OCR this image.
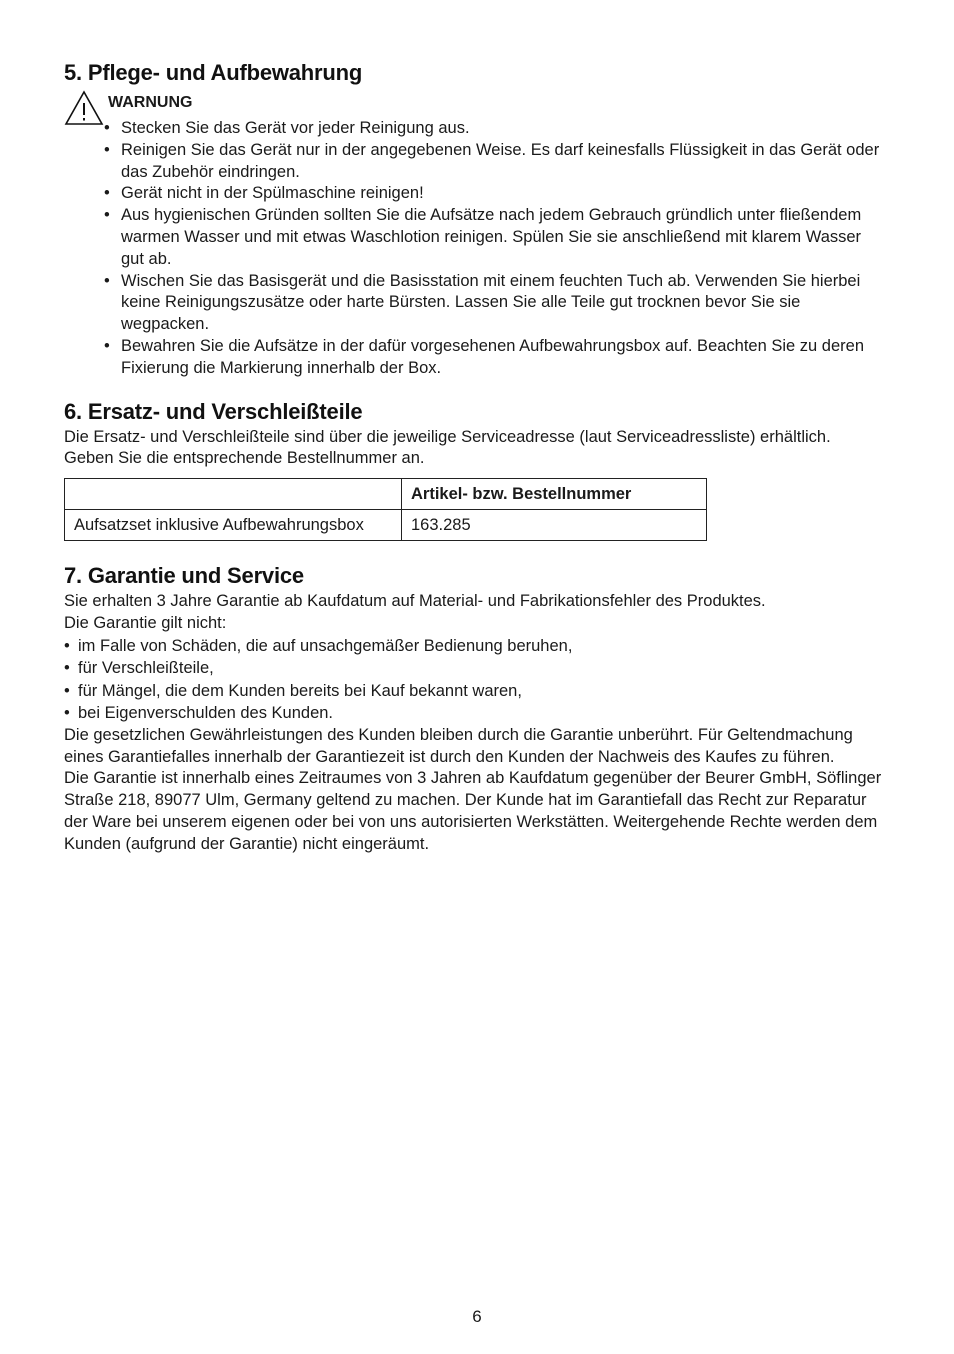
5. Pflege- und Aufbewahrung
WARNUNG
• Stecken Sie das Gerät vor jeder Reinigung aus.
• Reinigen Sie das Gerät nur in der angegebenen Weise. Es darf keinesfalls Flüssigkeit in das Gerät oder das Zubehör eindringen.
• Gerät nicht in der Spülmaschine reinigen!
• Aus hygienischen Gründen sollten Sie die Aufsätze nach jedem Gebrauch gründlich unter fließendem warmen Wasser und mit etwas Waschlotion reinigen. Spülen Sie sie anschließend mit klarem Wasser gut ab.
• Wischen Sie das Basisgerät und die Basisstation mit einem feuchten Tuch ab. Verwenden Sie hierbei keine Reinigungszusätze oder harte Bürsten. Lassen Sie alle Teile gut trocknen bevor Sie sie wegpacken.
• Bewahren Sie die Aufsätze in der dafür vorgesehenen Aufbewahrungsbox auf. Beachten Sie zu deren Fixierung die Markierung innerhalb der Box.
6. Ersatz- und Verschleißteile

Die Ersatz- und Verschleißteile sind über die jeweilige Serviceadresse (laut Serviceadressliste) erhältlich. Geben Sie die entsprechende Bestellnummer an.

	Artikel- bzw. Bestellnummer
Aufsatzset inklusive Aufbewahrungsbox	163.285
7. Garantie und Service

Sie erhalten 3 Jahre Garantie ab Kaufdatum auf Material- und Fabrikationsfehler des Produktes.

Die Garantie gilt nicht:

• im Falle von Schäden, die auf unsachgemäßer Bedienung beruhen,
• für Verschleißteile,
• für Mängel, die dem Kunden bereits bei Kauf bekannt waren,
• bei Eigenverschulden des Kunden.

Die gesetzlichen Gewährleistungen des Kunden bleiben durch die Garantie unberührt. Für Geltendmachung eines Garantiefalles innerhalb der Garantiezeit ist durch den Kunden der Nachweis des Kaufes zu führen.

Die Garantie ist innerhalb eines Zeitraumes von 3 Jahren ab Kaufdatum gegenüber der Beurer GmbH, Söflinger Straße 218, 89077 Ulm, Germany geltend zu machen. Der Kunde hat im Garantiefall das Recht zur Reparatur der Ware bei unserem eigenen oder bei von uns autorisierten Werkstätten. Weitergehende Rechte werden dem Kunden (aufgrund der Garantie) nicht eingeräumt.

6
